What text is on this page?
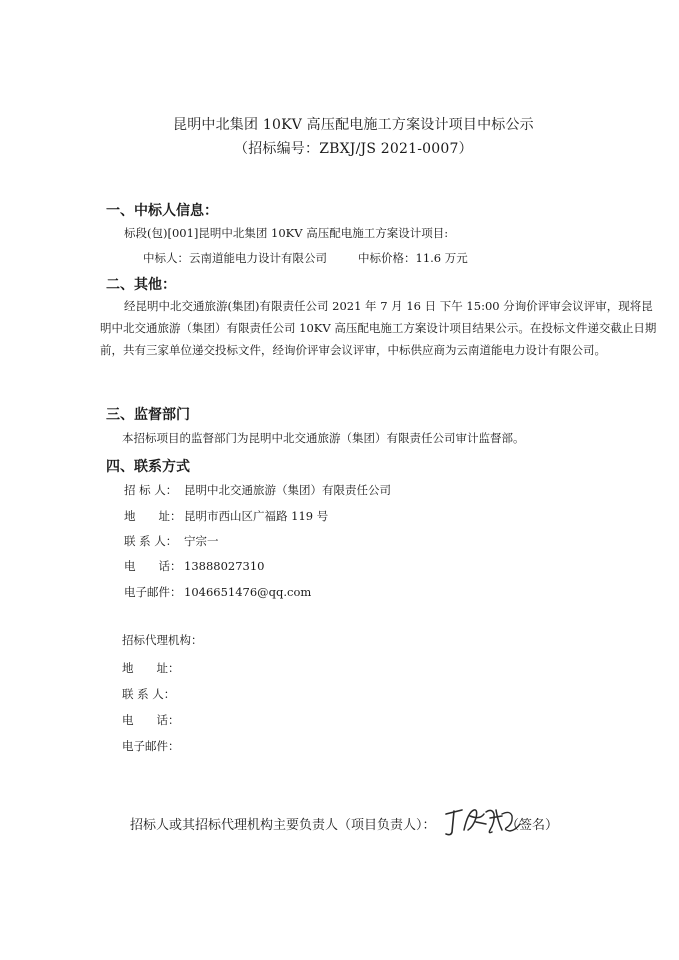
昆明中北集团 10KV 高压配电施工方案设计项目中标公示
（招标编号：ZBXJ/JS 2021-0007）
一、中标人信息：
标段(包)[001]昆明中北集团 10KV 高压配电施工方案设计项目:
中标人：云南道能电力设计有限公司	中标价格：11.6 万元
二、其他：
经昆明中北交通旅游(集团)有限责任公司 2021 年 7 月 16 日 下午 15:00 分询价评审会议评审，现将昆明中北交通旅游（集团）有限责任公司 10KV 高压配电施工方案设计项目结果公示。在投标文件递交截止日期前，共有三家单位递交投标文件，经询价评审会议评审，中标供应商为云南道能电力设计有限公司。
三、监督部门
本招标项目的监督部门为昆明中北交通旅游（集团）有限责任公司审计监督部。
四、联系方式
招 标 人： 昆明中北交通旅游（集团）有限责任公司
地　　址： 昆明市西山区广福路 119 号
联 系 人： 宁宗一
电　　话： 13888027310
电子邮件： 1046651476@qq.com
招标代理机构：
地　　址：
联 系 人：
电　　话：
电子邮件：
招标人或其招标代理机构主要负责人（项目负责人）：	（签名）
